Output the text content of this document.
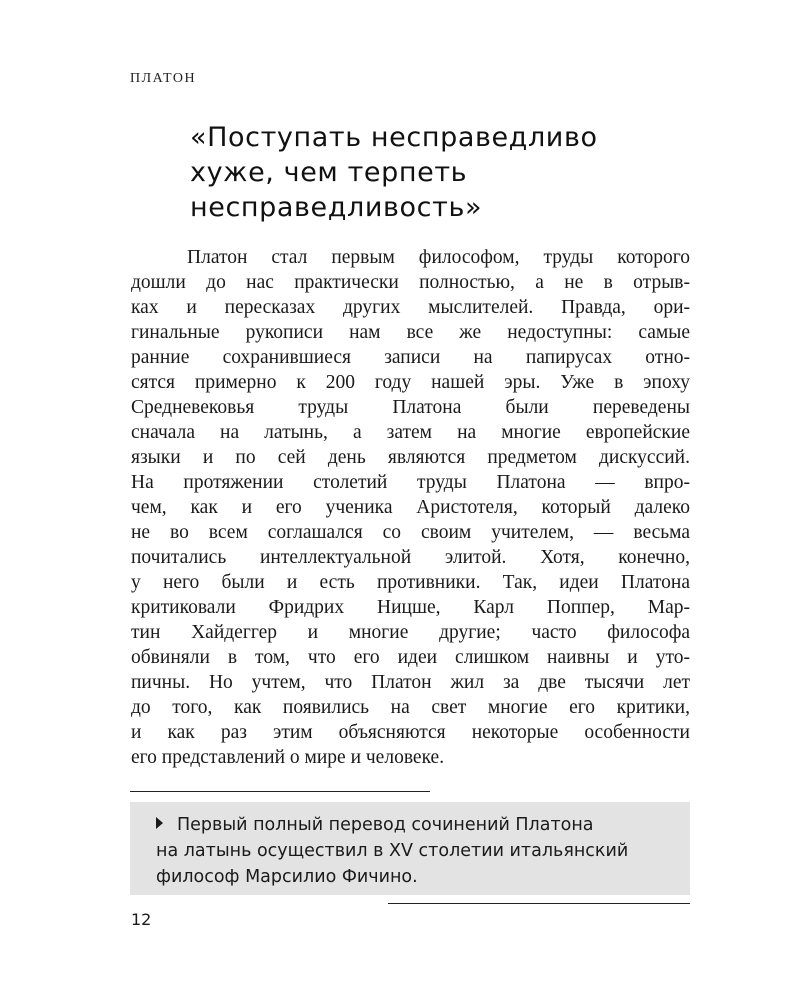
ПЛАТОН
«Поступать несправедливо
хуже, чем терпеть
несправедливость»
Платон стал первым философом, труды которого
дошли до нас практически полностью, а не в отрыв-
ках и пересказах других мыслителей. Правда, ори-
гинальные рукописи нам все же недоступны: самые
ранние сохранившиеся записи на папирусах отно-
сятся примерно к 200 году нашей эры. Уже в эпоху
Средневековья труды Платона были переведены
сначала на латынь, а затем на многие европейские
языки и по сей день являются предметом дискуссий.
На протяжении столетий труды Платона — впро-
чем, как и его ученика Аристотеля, который далеко
не во всем соглашался со своим учителем, — весьма
почитались интеллектуальной элитой. Хотя, конечно,
у него были и есть противники. Так, идеи Платона
критиковали Фридрих Ницше, Карл Поппер, Мар-
тин Хайдеггер и многие другие; часто философа
обвиняли в том, что его идеи слишком наивны и уто-
пичны. Но учтем, что Платон жил за две тысячи лет
до того, как появились на свет многие его критики,
и как раз этим объясняются некоторые особенности
его представлений о мире и человеке.
Первый полный перевод сочинений Платона
на латынь осуществил в XV столетии итальянский
философ Марсилио Фичино.
12
